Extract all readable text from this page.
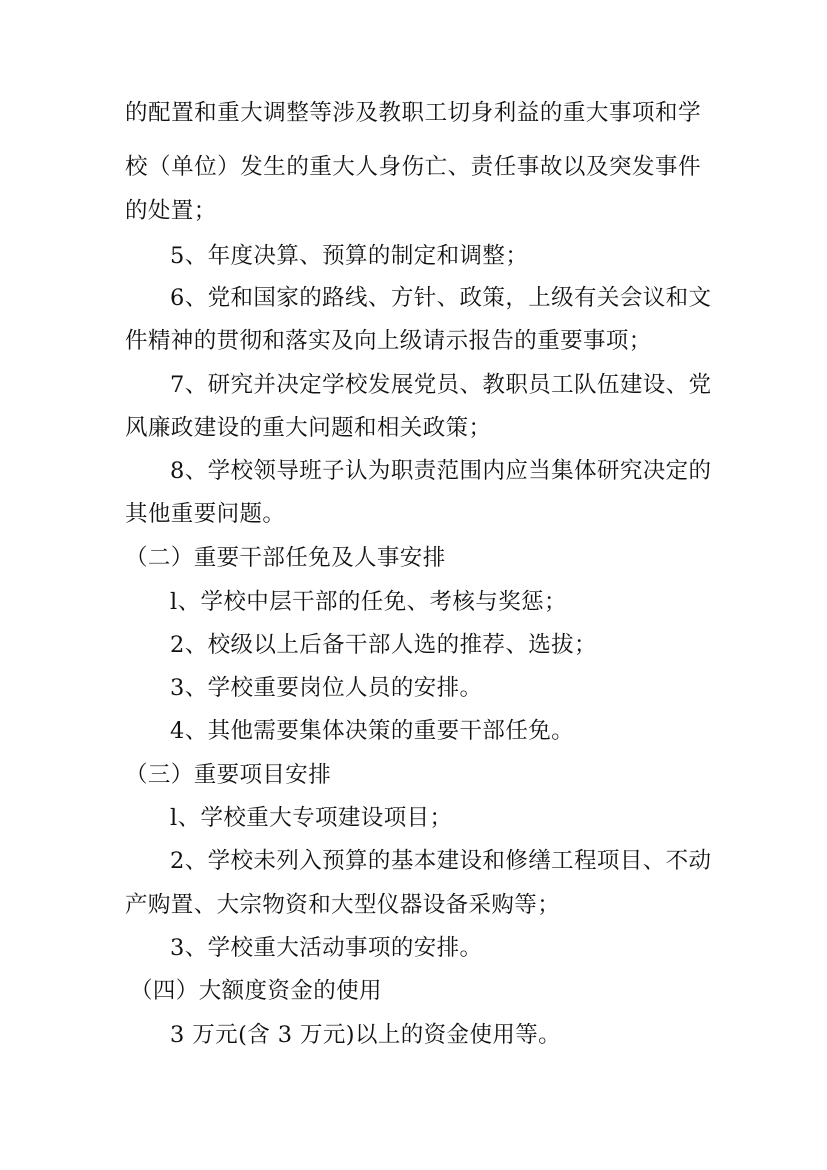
的配置和重大调整等涉及教职工切身利益的重大事项和学
校（单位）发生的重大人身伤亡、责任事故以及突发事件
的处置；
5、年度决算、预算的制定和调整；
6、党和国家的路线、方针、政策，上级有关会议和文
件精神的贯彻和落实及向上级请示报告的重要事项；
7、研究并决定学校发展党员、教职员工队伍建设、党
风廉政建设的重大问题和相关政策；
8、学校领导班子认为职责范围内应当集体研究决定的
其他重要问题。
（二）重要干部任免及人事安排
l、学校中层干部的任免、考核与奖惩；
2、校级以上后备干部人选的推荐、选拔；
3、学校重要岗位人员的安排。
4、其他需要集体决策的重要干部任免。
（三）重要项目安排
l、学校重大专项建设项目；
2、学校未列入预算的基本建设和修缮工程项目、不动
产购置、大宗物资和大型仪器设备采购等；
3、学校重大活动事项的安排。
（四）大额度资金的使用
3 万元(含 3 万元)以上的资金使用等。
